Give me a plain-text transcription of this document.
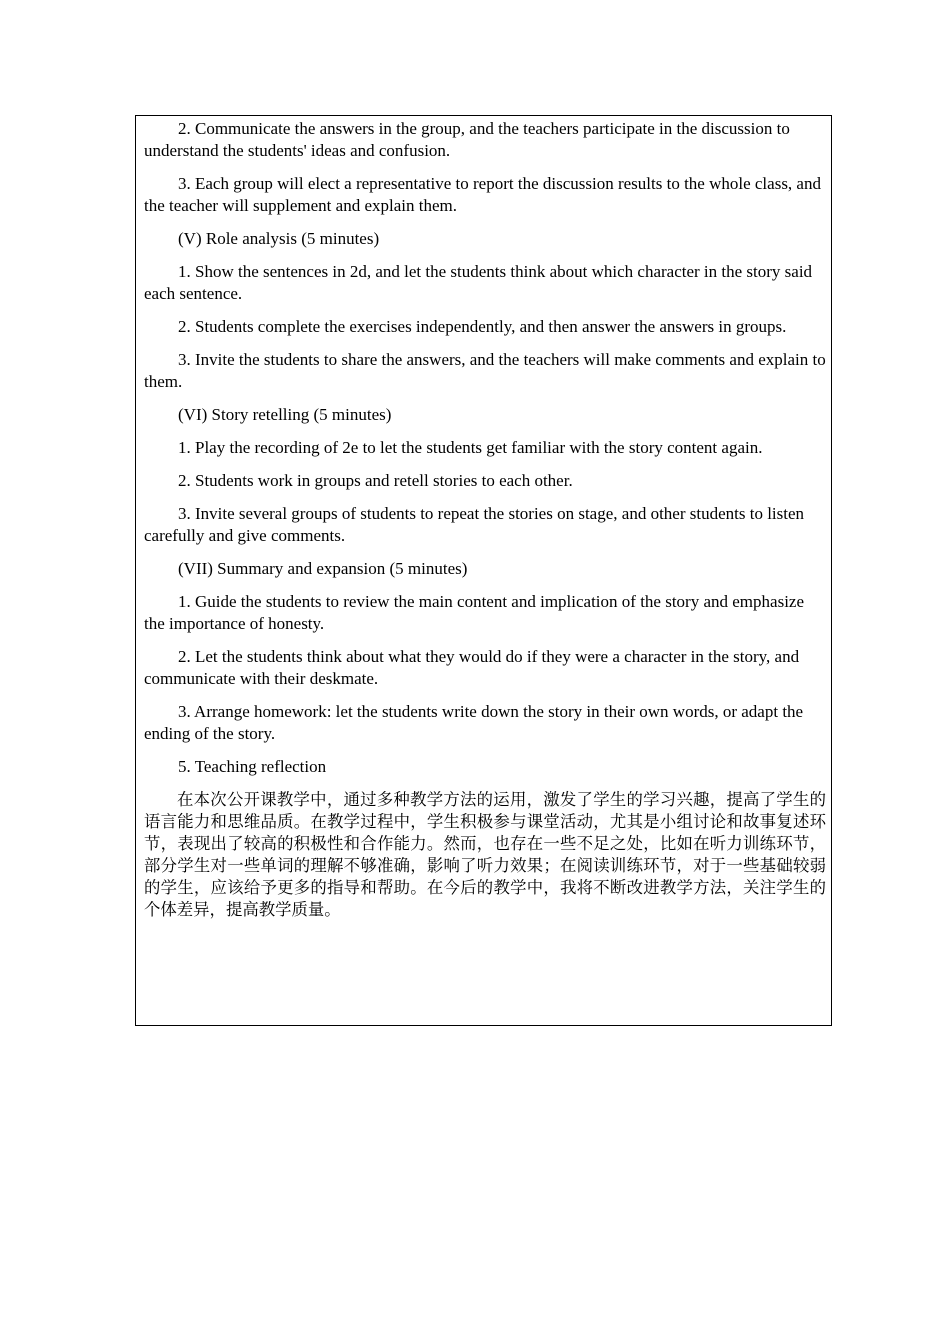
2. Communicate the answers in the group, and the teachers participate in the discussion to understand the students' ideas and confusion.

3. Each group will elect a representative to report the discussion results to the whole class, and the teacher will supplement and explain them.

(V) Role analysis (5 minutes)

1. Show the sentences in 2d, and let the students think about which character in the story said each sentence.

2. Students complete the exercises independently, and then answer the answers in groups.

3. Invite the students to share the answers, and the teachers will make comments and explain to them.

(VI) Story retelling (5 minutes)

1. Play the recording of 2e to let the students get familiar with the story content again.

2. Students work in groups and retell stories to each other.

3. Invite several groups of students to repeat the stories on stage, and other students to listen carefully and give comments.

(VII) Summary and expansion (5 minutes)

1. Guide the students to review the main content and implication of the story and emphasize the importance of honesty.

2. Let the students think about what they would do if they were a character in the story, and communicate with their deskmate.

3. Arrange homework: let the students write down the story in their own words, or adapt the ending of the story.

5. Teaching reflection

在本次公开课教学中，通过多种教学方法的运用，激发了学生的学习兴趣，提高了学生的语言能力和思维品质。在教学过程中，学生积极参与课堂活动，尤其是小组讨论和故事复述环节，表现出了较高的积极性和合作能力。然而，也存在一些不足之处，比如在听力训练环节，部分学生对一些单词的理解不够准确，影响了听力效果；在阅读训练环节，对于一些基础较弱的学生，应该给予更多的指导和帮助。在今后的教学中，我将不断改进教学方法，关注学生的个体差异，提高教学质量。
